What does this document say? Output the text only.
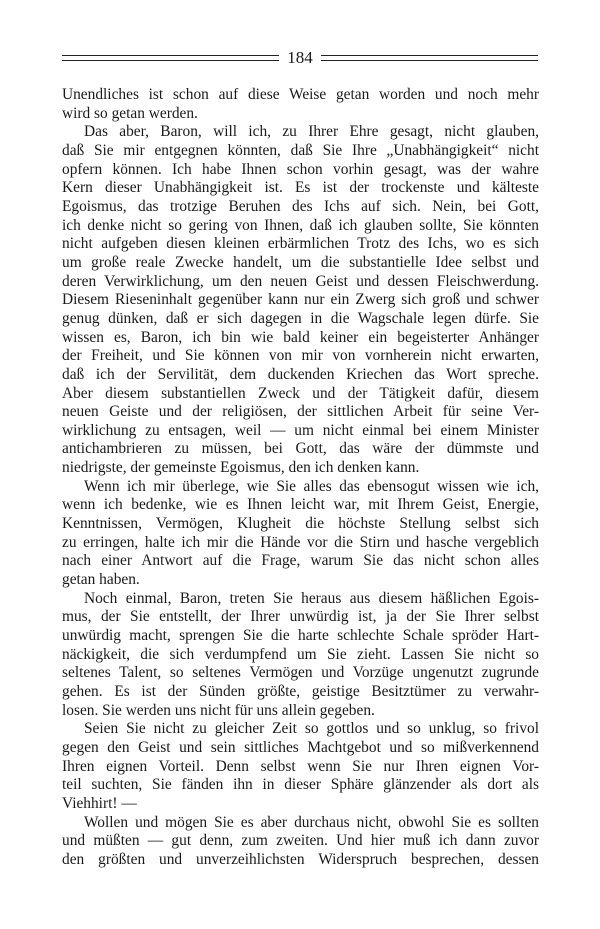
184

Unendliches ist schon auf diese Weise getan worden und noch mehr

wird so getan werden.

Das aber, Baron, will ich, zu Ihrer Ehre gesagt, nicht glauben,

daß Sie mir entgegnen könnten, daß Sie Ihre „Unabhängigkeit“ nicht

opfern können. Ich habe Ihnen schon vorhin gesagt, was der wahre

Kern dieser Unabhängigkeit ist. Es ist der trockenste und kälteste

Egoismus, das trotzige Beruhen des Ichs auf sich. Nein, bei Gott,

ich denke nicht so gering von Ihnen, daß ich glauben sollte, Sie könnten

nicht aufgeben diesen kleinen erbärmlichen Trotz des Ichs, wo es sich

um große reale Zwecke handelt, um die substantielle Idee selbst und

deren Verwirklichung, um den neuen Geist und dessen Fleischwerdung.

Diesem Rieseninhalt gegenüber kann nur ein Zwerg sich groß und schwer

genug dünken, daß er sich dagegen in die Wagschale legen dürfe. Sie

wissen es, Baron, ich bin wie bald keiner ein begeisterter Anhänger

der Freiheit, und Sie können von mir von vornherein nicht erwarten,

daß ich der Servilität, dem duckenden Kriechen das Wort spreche.

Aber diesem substantiellen Zweck und der Tätigkeit dafür, diesem

neuen Geiste und der religiösen, der sittlichen Arbeit für seine Ver-

wirklichung zu entsagen, weil — um nicht einmal bei einem Minister

antichambrieren zu müssen, bei Gott, das wäre der dümmste und

niedrigste, der gemeinste Egoismus, den ich denken kann.

Wenn ich mir überlege, wie Sie alles das ebensogut wissen wie ich,

wenn ich bedenke, wie es Ihnen leicht war, mit Ihrem Geist, Energie,

Kenntnissen, Vermögen, Klugheit die höchste Stellung selbst sich

zu erringen, halte ich mir die Hände vor die Stirn und hasche vergeblich

nach einer Antwort auf die Frage, warum Sie das nicht schon alles

getan haben.

Noch einmal, Baron, treten Sie heraus aus diesem häßlichen Egois-

mus, der Sie entstellt, der Ihrer unwürdig ist, ja der Sie Ihrer selbst

unwürdig macht, sprengen Sie die harte schlechte Schale spröder Hart-

näckigkeit, die sich verdumpfend um Sie zieht. Lassen Sie nicht so

seltenes Talent, so seltenes Vermögen und Vorzüge ungenutzt zugrunde

gehen. Es ist der Sünden größte, geistige Besitztümer zu verwahr-

losen. Sie werden uns nicht für uns allein gegeben.

Seien Sie nicht zu gleicher Zeit so gottlos und so unklug, so frivol

gegen den Geist und sein sittliches Machtgebot und so mißverkennend

Ihren eignen Vorteil. Denn selbst wenn Sie nur Ihren eignen Vor-

teil suchten, Sie fänden ihn in dieser Sphäre glänzender als dort als

Viehhirt! —

Wollen und mögen Sie es aber durchaus nicht, obwohl Sie es sollten

und müßten — gut denn, zum zweiten. Und hier muß ich dann zuvor

den größten und unverzeihlichsten Widerspruch besprechen, dessen
